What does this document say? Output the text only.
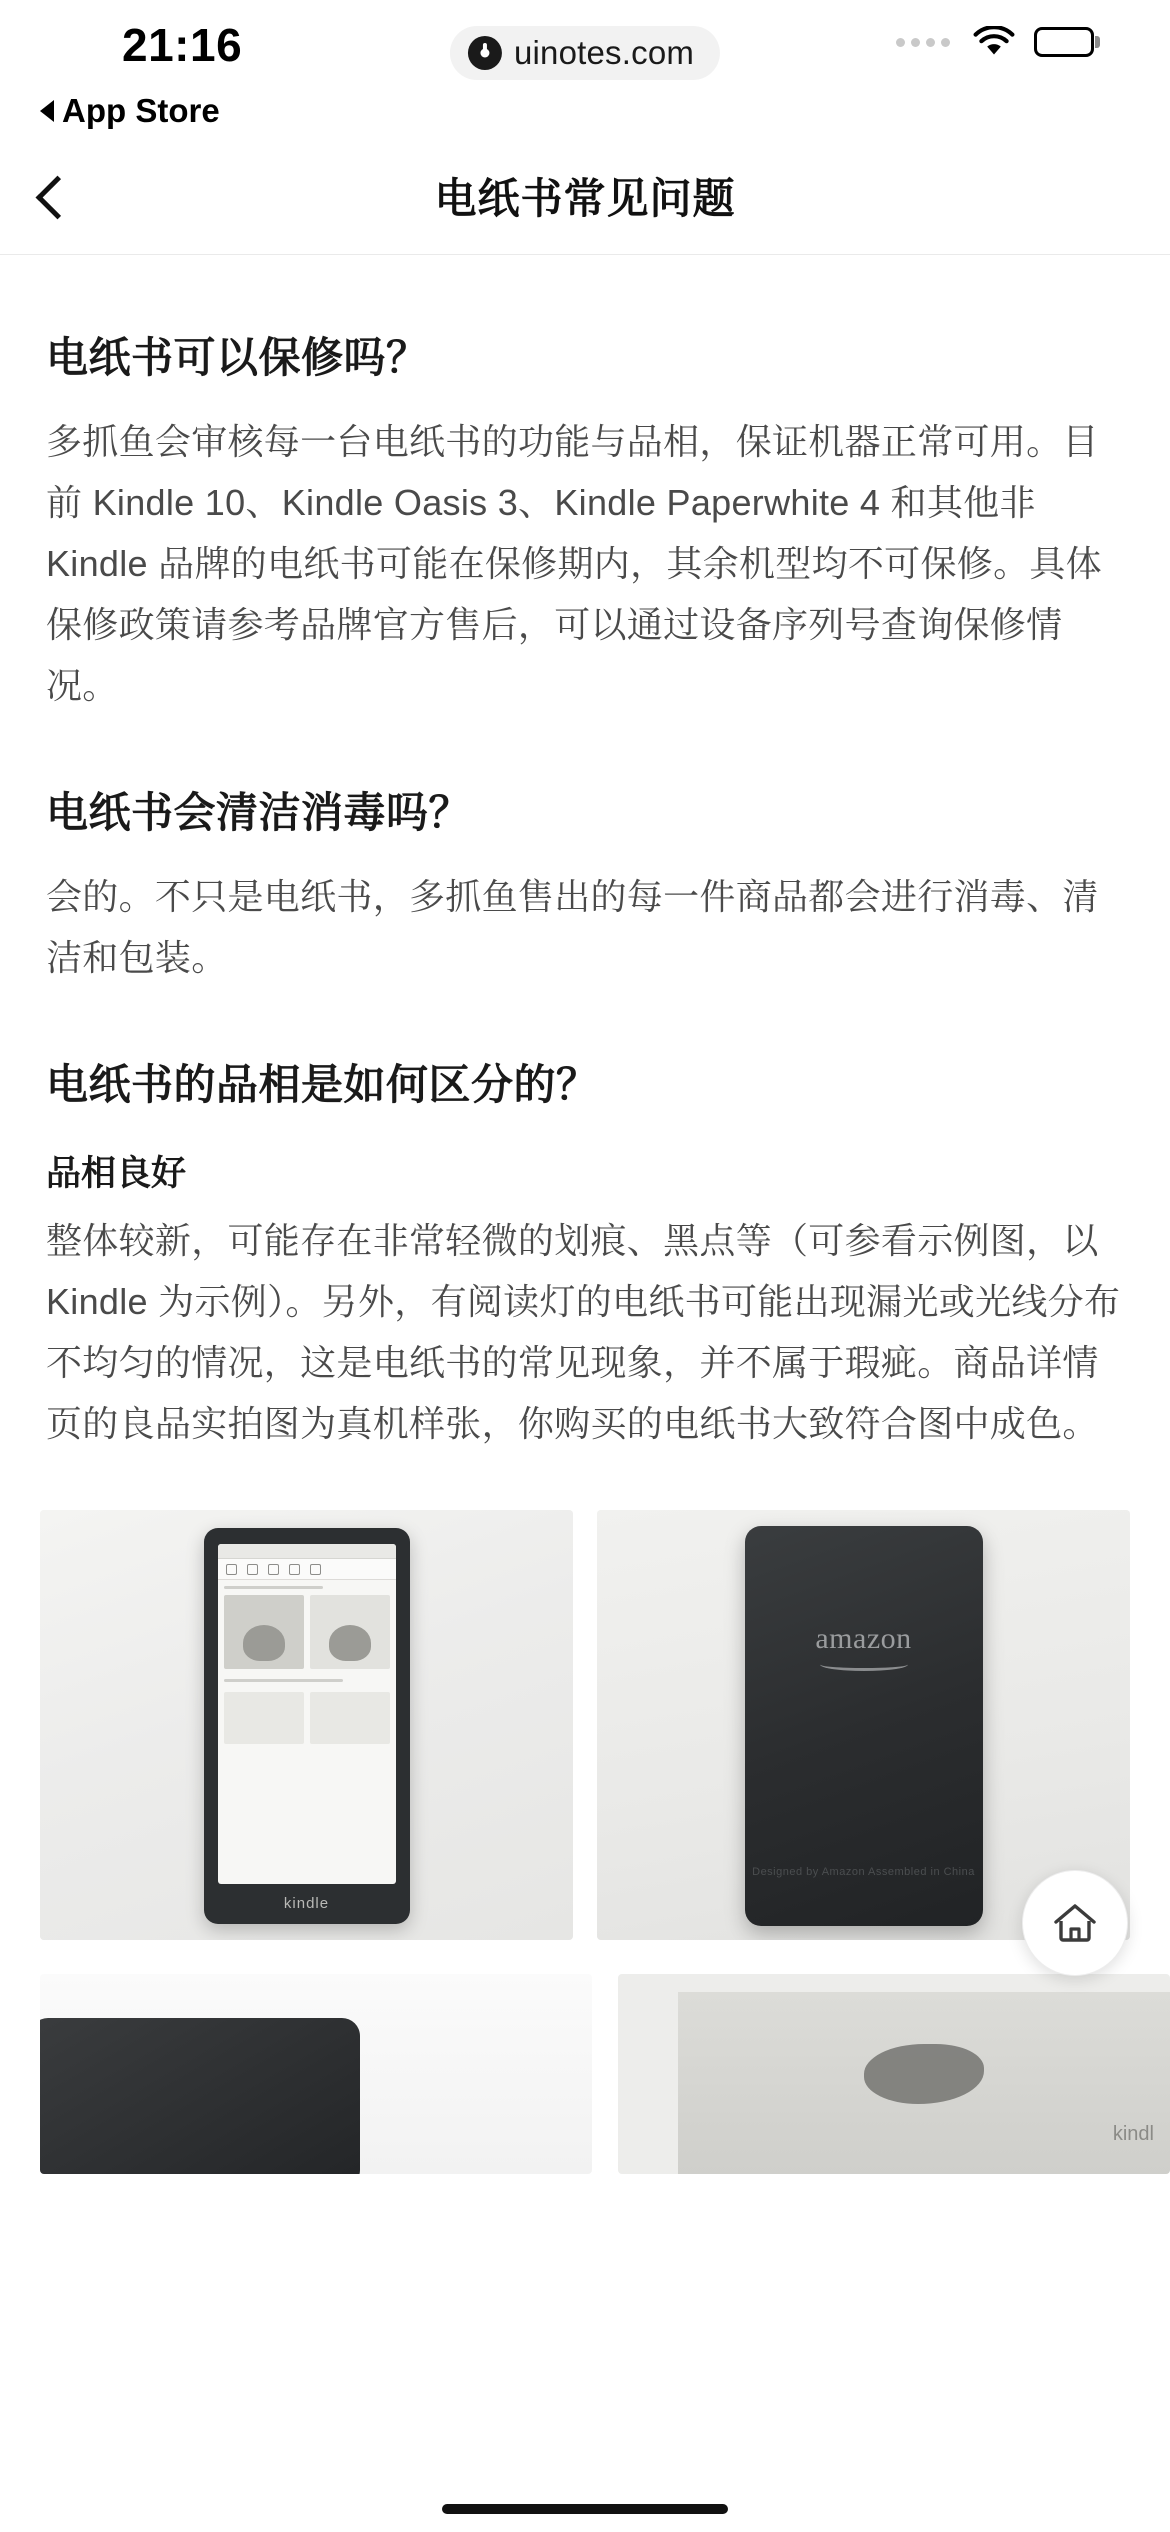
21:16	uinotes.com
App Store
电纸书常见问题
电纸书可以保修吗？

多抓鱼会审核每一台电纸书的功能与品相，保证机器正常可用。目前 Kindle 10、Kindle Oasis 3、Kindle Paperwhite 4 和其他非 Kindle 品牌的电纸书可能在保修期内，其余机型均不可保修。具体保修政策请参考品牌官方售后，可以通过设备序列号查询保修情况。

电纸书会清洁消毒吗？

会的。不只是电纸书，多抓鱼售出的每一件商品都会进行消毒、清洁和包装。

电纸书的品相是如何区分的？
品相良好

整体较新，可能存在非常轻微的划痕、黑点等（可参看示例图，以 Kindle 为示例）。另外，有阅读灯的电纸书可能出现漏光或光线分布不均匀的情况，这是电纸书的常见现象，并不属于瑕疵。商品详情页的良品实拍图为真机样张，你购买的电纸书大致符合图中成色。

kindle
amazon
Designed by Amazon Assembled in China
kindl
